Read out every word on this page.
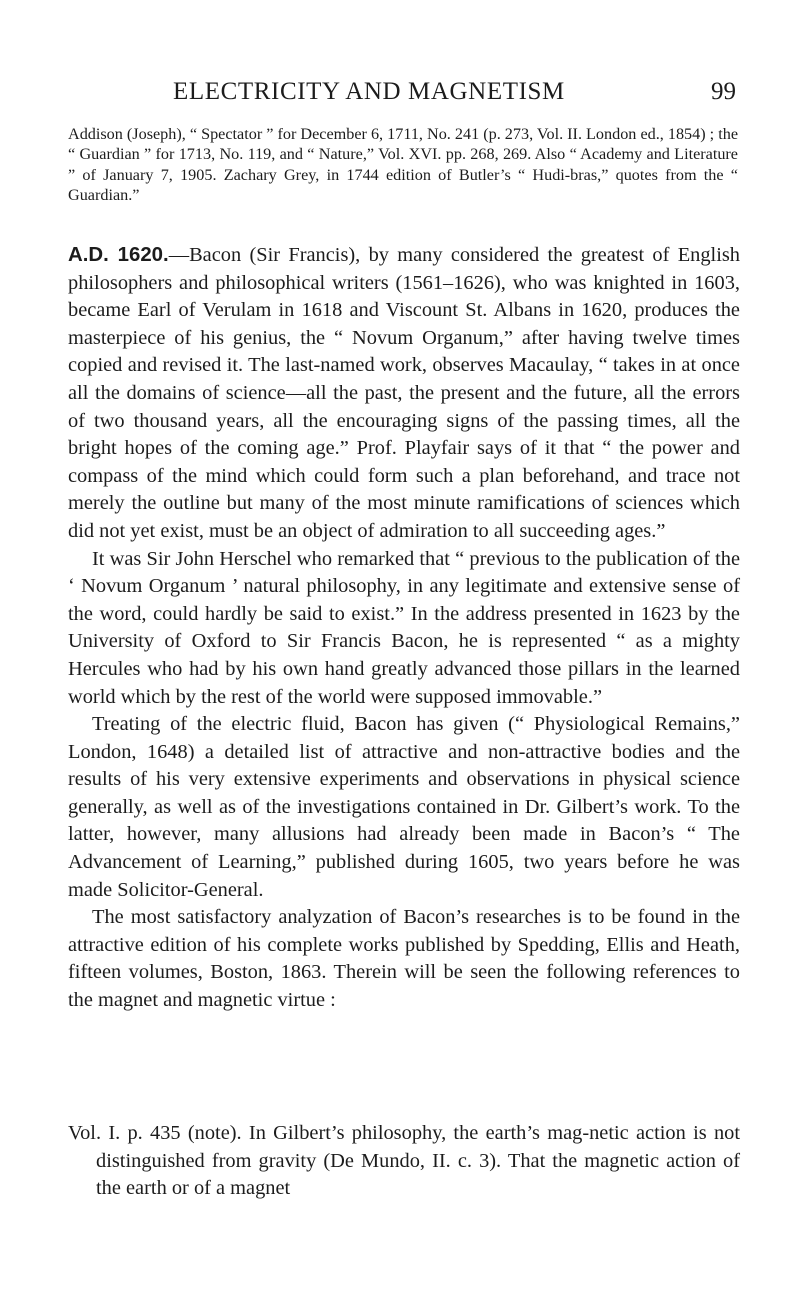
ELECTRICITY AND MAGNETISM	99

Addison (Joseph), “ Spectator ” for December 6, 1711, No. 241 (p. 273, Vol. II. London ed., 1854) ; the “ Guardian ” for 1713, No. 119, and “ Nature,” Vol. XVI. pp. 268, 269. Also “ Academy and Literature ” of January 7, 1905. Zachary Grey, in 1744 edition of Butler’s “ Hudi-bras,” quotes from the “ Guardian.”

A.D. 1620.—Bacon (Sir Francis), by many considered the greatest of English philosophers and philosophical writers (1561–1626), who was knighted in 1603, became Earl of Verulam in 1618 and Viscount St. Albans in 1620, produces the masterpiece of his genius, the “ Novum Organum,” after having twelve times copied and revised it. The last-named work, observes Macaulay, “ takes in at once all the domains of science—all the past, the present and the future, all the errors of two thousand years, all the encouraging signs of the passing times, all the bright hopes of the coming age.” Prof. Playfair says of it that “ the power and compass of the mind which could form such a plan beforehand, and trace not merely the outline but many of the most minute ramifications of sciences which did not yet exist, must be an object of admiration to all succeeding ages.”

It was Sir John Herschel who remarked that “ previous to the publication of the ‘ Novum Organum ’ natural philosophy, in any legitimate and extensive sense of the word, could hardly be said to exist.” In the address presented in 1623 by the University of Oxford to Sir Francis Bacon, he is represented “ as a mighty Hercules who had by his own hand greatly advanced those pillars in the learned world which by the rest of the world were supposed immovable.”

Treating of the electric fluid, Bacon has given (“ Physiological Remains,” London, 1648) a detailed list of attractive and non-attractive bodies and the results of his very extensive experiments and observations in physical science generally, as well as of the investigations contained in Dr. Gilbert’s work. To the latter, however, many allusions had already been made in Bacon’s “ The Advancement of Learning,” published during 1605, two years before he was made Solicitor-General.

The most satisfactory analyzation of Bacon’s researches is to be found in the attractive edition of his complete works published by Spedding, Ellis and Heath, fifteen volumes, Boston, 1863. Therein will be seen the following references to the magnet and magnetic virtue :

Vol. I. p. 435 (note). In Gilbert’s philosophy, the earth’s mag-netic action is not distinguished from gravity (De Mundo, II. c. 3). That the magnetic action of the earth or of a magnet
